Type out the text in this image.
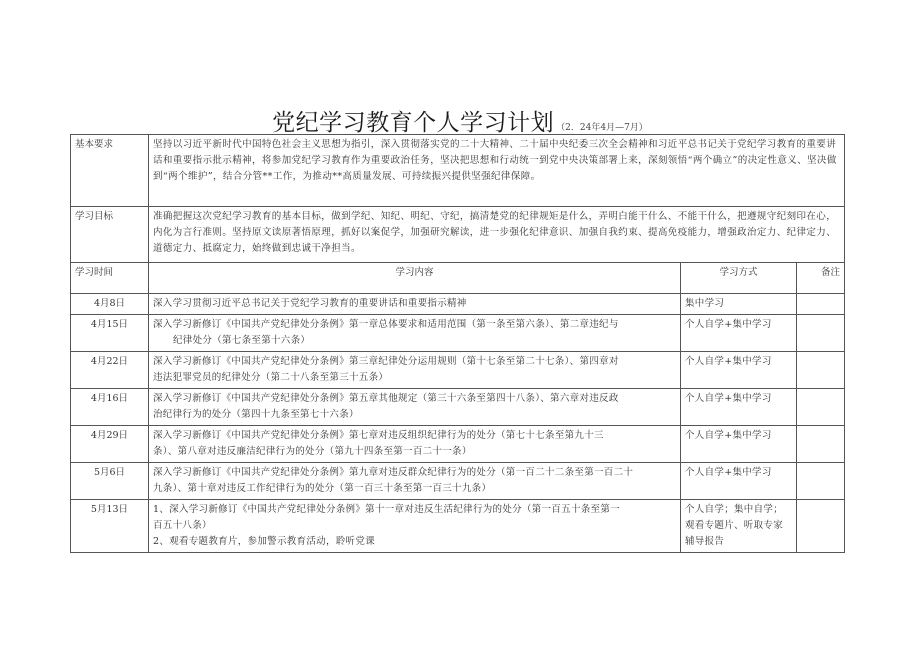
党纪学习教育个人学习计划 （2．24年4月—7月）
基本要求	坚持以习近平新时代中国特色社会主义思想为指引，深入贯彻落实党的二十大精神、二十届中央纪委三次全会精神和习近平总书记关于党纪学习教育的重要讲话和重要指示批示精神，将参加党纪学习教育作为重要政治任务，坚决把思想和行动统一到党中央决策部署上来，深刻领悟“两个确立”的决定性意义、坚决做到“两个维护”，结合分管**工作，为推动**高质量发展、可持续振兴提供坚强纪律保障。		
学习目标	准确把握这次党纪学习教育的基本目标，做到学纪、知纪、明纪、守纪，搞清楚党的纪律规矩是什么，弄明白能干什么、不能干什么，把遵规守纪刻印在心，内化为言行准则。坚持原文读原著悟原理，抓好以案促学，加强研究解读，进一步强化纪律意识、加强自我约束、提高免疫能力，增强政治定力、纪律定力、道德定力、抵腐定力，始终做到忠诚干净担当。		
学习时间	学习内容	学习方式	备注
4月8日	深入学习贯彻习近平总书记关于党纪学习教育的重要讲话和重要指示精神	集中学习	

4月15日	深入学习新修订《中国共产党纪律处分条例》第一章总体要求和适用范围（第一条至第六条）、第二章违纪与
纪律处分（第七条至第十六条）	个人自学+集中学习	

4月22日	深入学习新修订《中国共产党纪律处分条例》第三章纪律处分运用规则（第十七条至第二十七条）、第四章对
违法犯罪党员的纪律处分（第二十八条至第三十五条）	个人自学+集中学习	

4月16日	深入学习新修订《中国共产党纪律处分条例》第五章其他规定（第三十六条至第四十八条）、第六章对违反政
治纪律行为的处分（第四十九条至第七十六条）	个人自学+集中学习	

4月29日	深入学习新修订《中国共产党纪律处分条例》第七章对违反组织纪律行为的处分（第七十七条至第九十三
条）、第八章对违反廉洁纪律行为的处分（第九十四条至第一百二十一条）	个人自学+集中学习	

5月6日	深入学习新修订《中国共产党纪律处分条例》第九章对违反群众纪律行为的处分（第一百二十二条至第一百二十
九条）、第十章对违反工作纪律行为的处分（第一百三十条至第一百三十九条）	个人自学+集中学习	

5月13日	1、深入学习新修订《中国共产党纪律处分条例》第十一章对违反生活纪律行为的处分（第一百五十条至第一
百五十八条）
2、观看专题教育片，参加警示教育活动，聆听党课	个人自学；集中自学；
观看专题片、听取专家
辅导报告	
